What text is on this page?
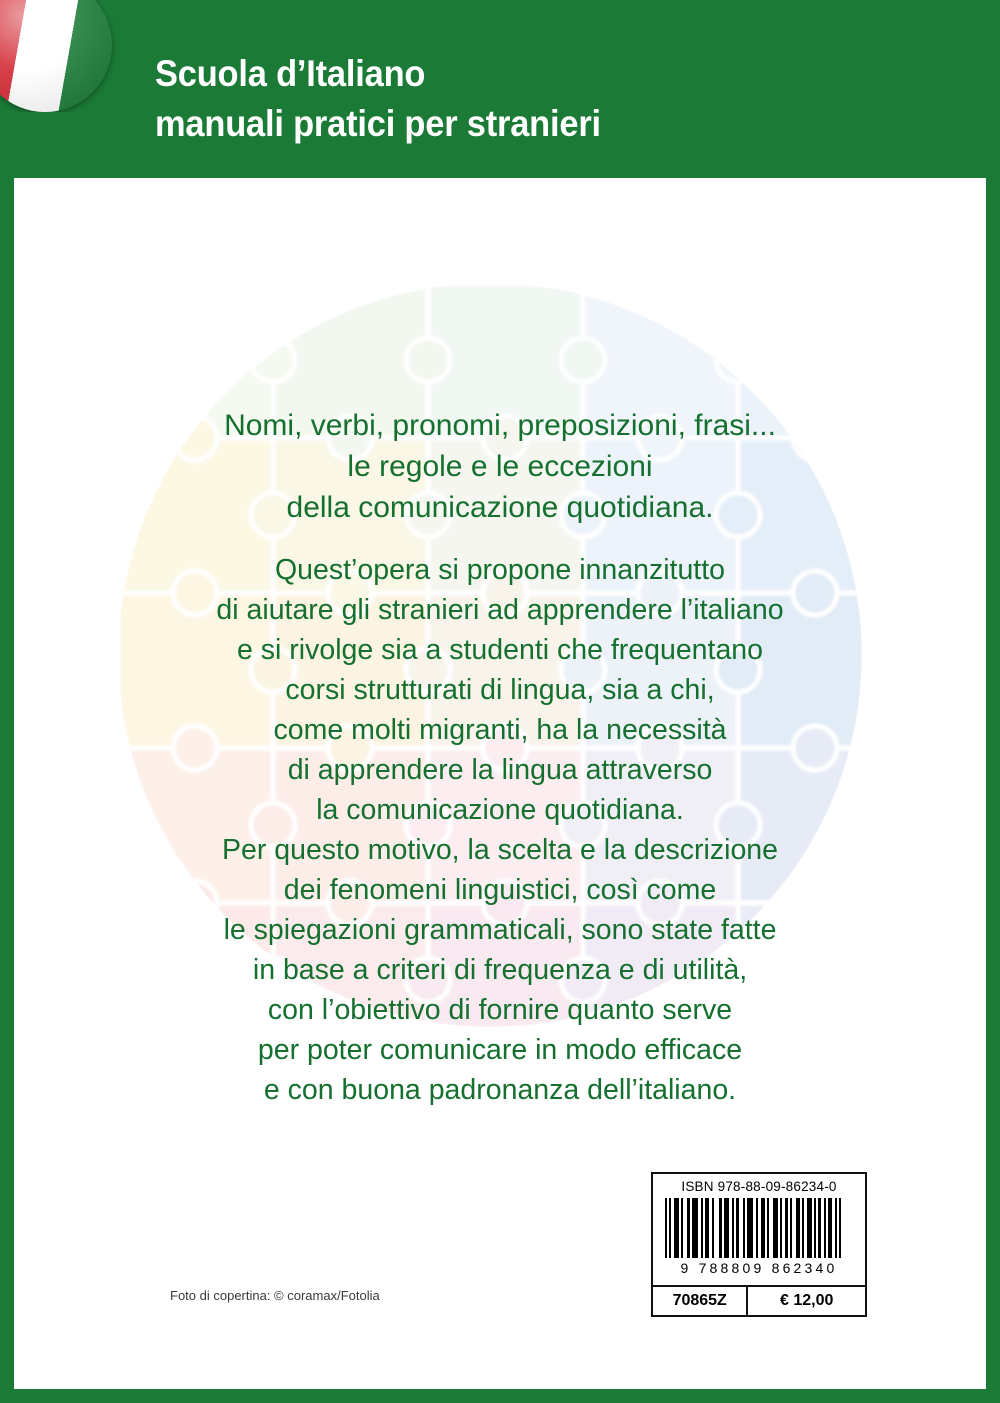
Scuola d’Italiano
manuali pratici per stranieri

Nomi, verbi, pronomi, preposizioni, frasi...
le regole e le eccezioni
della comunicazione quotidiana.

Quest’opera si propone innanzitutto
di aiutare gli stranieri ad apprendere l’italiano
e si rivolge sia a studenti che frequentano
corsi strutturati di lingua, sia a chi,
come molti migranti, ha la necessità
di apprendere la lingua attraverso
la comunicazione quotidiana.
Per questo motivo, la scelta e la descrizione
dei fenomeni linguistici, così come
le spiegazioni grammaticali, sono state fatte
in base a criteri di frequenza e di utilità,
con l’obiettivo di fornire quanto serve
per poter comunicare in modo efficace
e con buona padronanza dell’italiano.
ISBN 978-88-09-86234-0
9 788809 862340
70865Z	€ 12,00
Foto di copertina: © coramax/Fotolia
